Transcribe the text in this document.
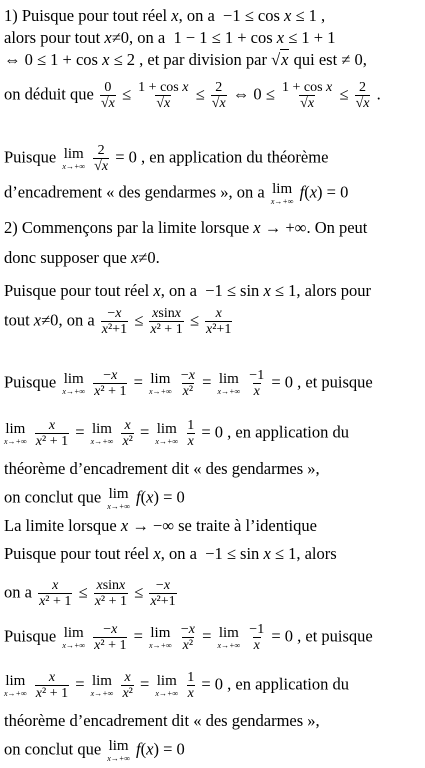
1) Puisque pour tout réel x, on a  −1 ≤ cos x ≤ 1 ,
alors pour tout x≠0, on a  1 − 1 ≤ 1 + cos x ≤ 1 + 1
⇔ 0 ≤ 1 + cos x ≤ 2 , et par division par √x qui est ≠ 0,
on déduit que $\frac{0}{√x} \le \frac{\text{1 + cos x}}{√x} \le \frac{2}{√x}$ ⇔ $0 \le \frac{\text{1 + cos x}}{√x} \le \frac{2}{√x}$ .
Puisque lim
x→+∞
$\frac{2}{√x} = 0$ , en application du théorème
d’encadrement « des gendarmes », on a lim
x→+∞
f(x) = 0
2) Commençons par la limite lorsque x → +∞. On peut
donc supposer que x≠0.
Puisque pour tout réel x, on a  −1 ≤ sin x ≤ 1, alors pour
tout x≠0, on a $\frac{-x}{\text{x²+1}} \le \frac{xsinx}{\text{x² + 1}} \le \frac{x}{\text{x²+1}}$
Puisque lim
x→+∞
$\frac{-x}{\text{x² + 1}} = \lim$
x→+∞
$\frac{-x}{\text{x²}} = \lim$
x→+∞
$\frac{-1}{x} = 0$ , et puisque
lim
x→+∞
$\frac{x}{\text{x² + 1}} = \lim$
x→+∞
$\frac{x}{\text{x²}} = \lim$
x→+∞
$\frac{1}{x} = 0$ , en application du
théorème d’encadrement dit « des gendarmes »,
on conclut que lim
x→+∞
f(x) = 0
La limite lorsque x → −∞ se traite à l’identique
Puisque pour tout réel x, on a  −1 ≤ sin x ≤ 1, alors
on a $\frac{x}{\text{x² + 1}} \le \frac{xsinx}{\text{x² + 1}} \le \frac{-x}{\text{x²+1}}$
Puisque lim
x→+∞
$\frac{-x}{\text{x² + 1}} = \lim$
x→+∞
$\frac{-x}{\text{x²}} = \lim$
x→+∞
$\frac{-1}{x} = 0$ , et puisque
lim
x→+∞
$\frac{x}{\text{x² + 1}} = \lim$
x→+∞
$\frac{x}{\text{x²}} = \lim$
x→+∞
$\frac{1}{x} = 0$ , en application du
théorème d’encadrement dit « des gendarmes »,
on conclut que lim
x→+∞
f(x) = 0
